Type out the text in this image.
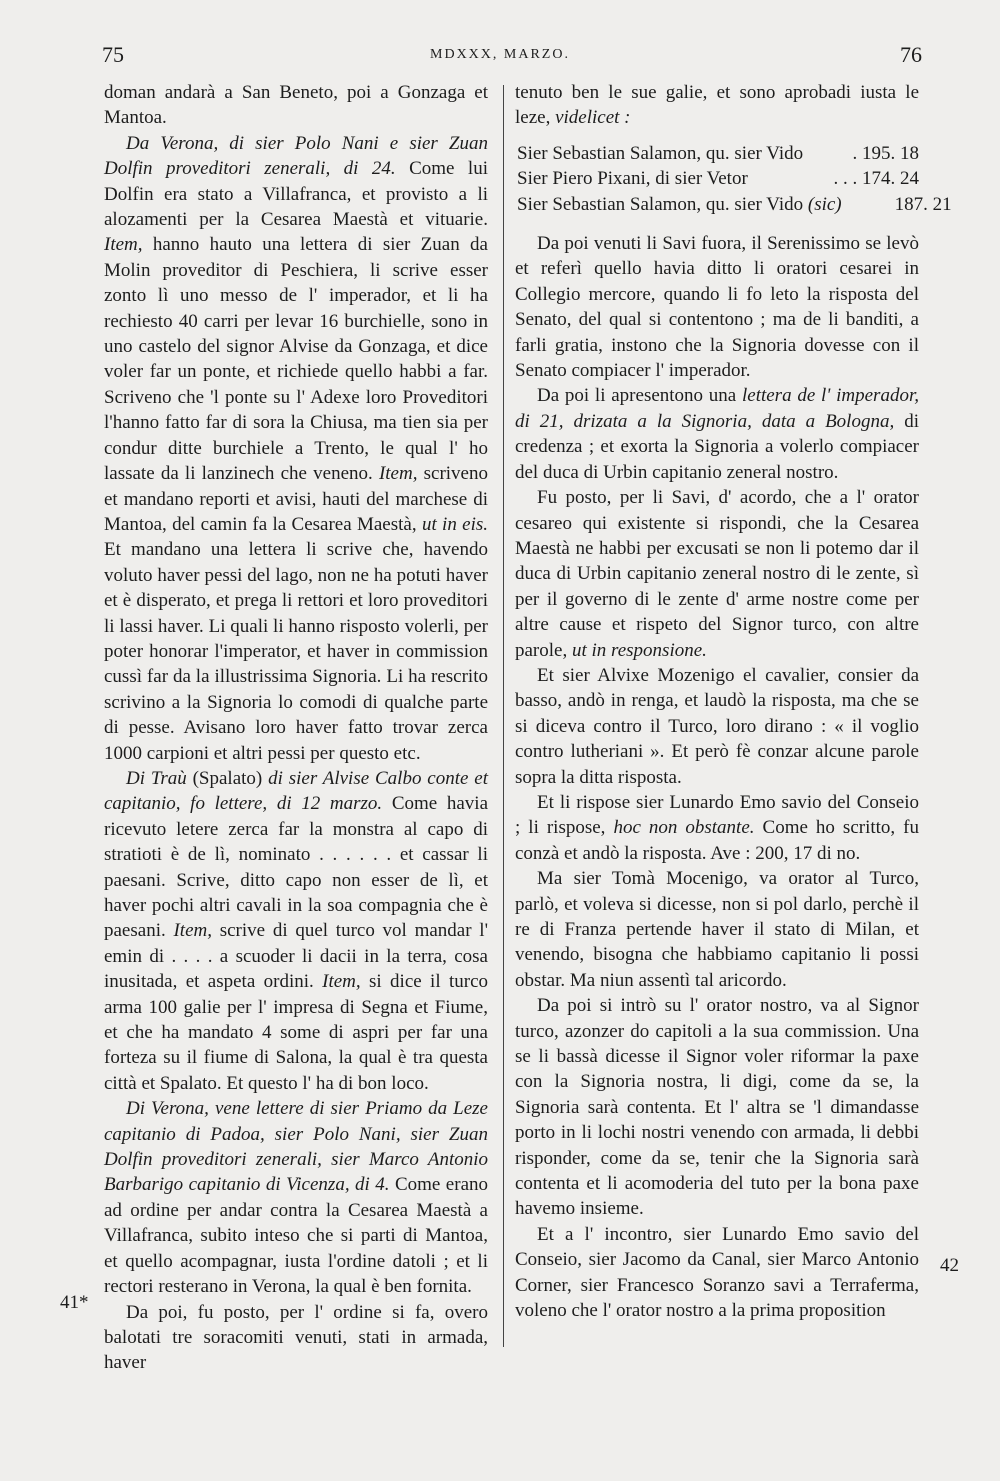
75	MDXXX, MARZO.	76
41*
42

doman andarà a San Beneto, poi a Gonzaga et Mantoa.

Da Verona, di sier Polo Nani e sier Zuan Dolfin proveditori zenerali, di 24. Come lui Dolfin era stato a Villafranca, et provisto a li alozamenti per la Cesarea Maestà et vituarie. Item, hanno hauto una lettera di sier Zuan da Molin proveditor di Peschiera, li scrive esser zonto lì uno messo de l' imperador, et li ha rechiesto 40 carri per levar 16 burchielle, sono in uno castelo del signor Alvise da Gonzaga, et dice voler far un ponte, et richiede quello habbi a far. Scriveno che 'l ponte su l' Adexe loro Proveditori l'hanno fatto far di sora la Chiusa, ma tien sia per condur ditte burchiele a Trento, le qual l' ho lassate da li lanzinech che veneno. Item, scriveno et mandano reporti et avisi, hauti del marchese di Mantoa, del camin fa la Cesarea Maestà, ut in eis. Et mandano una lettera li scrive che, havendo voluto haver pessi del lago, non ne ha potuti haver et è disperato, et prega li rettori et loro proveditori li lassi haver. Li quali li hanno risposto volerli, per poter honorar l'imperator, et haver in commission cussì far da la illustrissima Signoria. Li ha rescrito scrivino a la Signoria lo comodi di qualche parte di pesse. Avisano loro haver fatto trovar zerca 1000 carpioni et altri pessi per questo etc.

Di Traù (Spalato) di sier Alvise Calbo conte et capitanio, fo lettere, di 12 marzo. Come havia ricevuto letere zerca far la monstra al capo di stratioti è de lì, nominato . . . . . . et cassar li paesani. Scrive, ditto capo non esser de lì, et haver pochi altri cavali in la soa compagnia che è paesani. Item, scrive di quel turco vol mandar l' emin di . . . . a scuoder li dacii in la terra, cosa inusitada, et aspeta ordini. Item, si dice il turco arma 100 galie per l' impresa di Segna et Fiume, et che ha mandato 4 some di aspri per far una forteza su il fiume di Salona, la qual è tra questa città et Spalato. Et questo l' ha di bon loco.

Di Verona, vene lettere di sier Priamo da Leze capitanio di Padoa, sier Polo Nani, sier Zuan Dolfin proveditori zenerali, sier Marco Antonio Barbarigo capitanio di Vicenza, di 4. Come erano ad ordine per andar contra la Cesarea Maestà a Villafranca, subito inteso che si parti di Mantoa, et quello acompagnar, iusta l'ordine datoli ; et li rectori resterano in Verona, la qual è ben fornita.

Da poi, fu posto, per l' ordine si fa, overo balotati tre soracomiti venuti, stati in armada, haver

tenuto ben le sue galie, et sono aprobadi iusta le leze, videlicet :

Sier Sebastian Salamon, qu. sier Vido	. 195. 18
Sier Piero Pixani, di sier Vetor	. . . 174. 24
Sier Sebastian Salamon, qu. sier Vido (sic)	187. 21

Da poi venuti li Savi fuora, il Serenissimo se levò et referì quello havia ditto li oratori cesarei in Collegio mercore, quando li fo leto la risposta del Senato, del qual si contentono ; ma de li banditi, a farli gratia, instono che la Signoria dovesse con il Senato compiacer l' imperador.

Da poi li apresentono una lettera de l' imperador, di 21, drizata a la Signoria, data a Bologna, di credenza ; et exorta la Signoria a volerlo compiacer del duca di Urbin capitanio zeneral nostro.

Fu posto, per li Savi, d' acordo, che a l' orator cesareo qui existente si rispondi, che la Cesarea Maestà ne habbi per excusati se non li potemo dar il duca di Urbin capitanio zeneral nostro di le zente, sì per il governo di le zente d' arme nostre come per altre cause et rispeto del Signor turco, con altre parole, ut in responsione.

Et sier Alvixe Mozenigo el cavalier, consier da basso, andò in renga, et laudò la risposta, ma che se si diceva contro il Turco, loro dirano : « il voglio contro lutheriani ». Et però fè conzar alcune parole sopra la ditta risposta.

Et li rispose sier Lunardo Emo savio del Conseio ; li rispose, hoc non obstante. Come ho scritto, fu conzà et andò la risposta. Ave : 200, 17 di no.

Ma sier Tomà Mocenigo, va orator al Turco, parlò, et voleva si dicesse, non si pol darlo, perchè il re di Franza pertende haver il stato di Milan, et venendo, bisogna che habbiamo capitanio li possi obstar. Ma niun assentì tal aricordo.

Da poi si intrò su l' orator nostro, va al Signor turco, azonzer do capitoli a la sua commission. Una se li bassà dicesse il Signor voler riformar la paxe con la Signoria nostra, li digi, come da se, la Signoria sarà contenta. Et l' altra se 'l dimandasse porto in li lochi nostri venendo con armada, li debbi risponder, come da se, tenir che la Signoria sarà contenta et li acomoderia del tuto per la bona paxe havemo insieme.

Et a l' incontro, sier Lunardo Emo savio del Conseio, sier Jacomo da Canal, sier Marco Antonio Corner, sier Francesco Soranzo savi a Terraferma, voleno che l' orator nostro a la prima proposition
